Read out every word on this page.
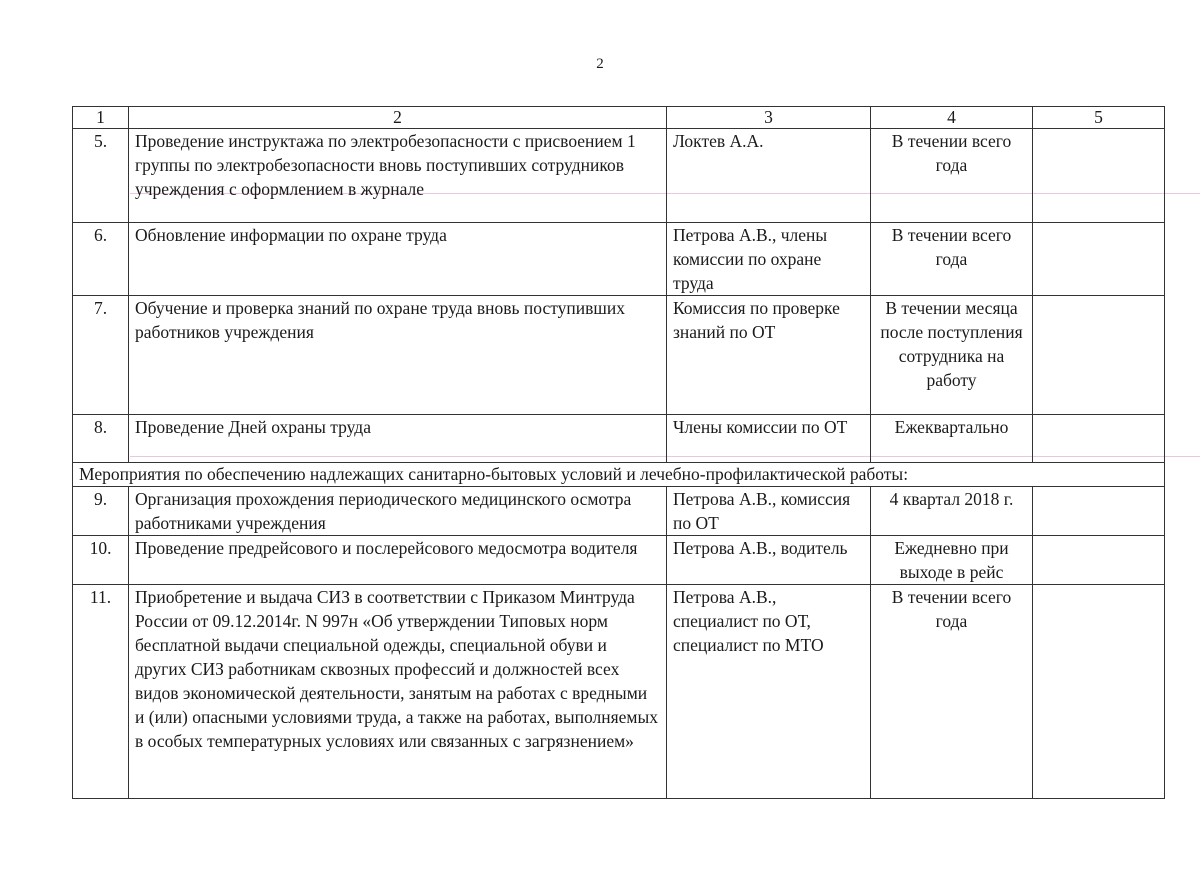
2
1	2	3	4	5
5.	Проведение инструктажа по электробезопасности с присвоением 1 группы по электробезопасности вновь поступивших сотрудников учреждения с оформлением в журнале	Локтев А.А.	В течении всего года	
6.	Обновление информации по охране труда	Петрова А.В., члены комиссии по охране труда	В течении всего года	
7.	Обучение и проверка знаний по охране труда вновь поступивших работников учреждения	Комиссия по проверке знаний по ОТ	В течении месяца после поступления сотрудника на работу	
8.	Проведение Дней охраны труда	Члены комиссии по ОТ	Ежеквартально	
Мероприятия по обеспечению надлежащих санитарно-бытовых условий и лечебно-профилактической работы:				
9.	Организация прохождения периодического медицинского осмотра работниками учреждения	Петрова А.В., комиссия по ОТ	4 квартал 2018 г.	
10.	Проведение предрейсового и послерейсового медосмотра водителя	Петрова А.В., водитель	Ежедневно при выходе в рейс	
11.	Приобретение и выдача СИЗ в соответствии с Приказом Минтруда России от 09.12.2014г. N 997н «Об утверждении Типовых норм бесплатной выдачи специальной одежды, специальной обуви и других СИЗ работникам сквозных профессий и должностей всех видов экономической деятельности, занятым на работах с вредными и (или) опасными условиями труда, а также на работах, выполняемых в особых температурных условиях или связанных с загрязнением»	Петрова А.В., специалист по ОТ, специалист по МТО	В течении всего года	
